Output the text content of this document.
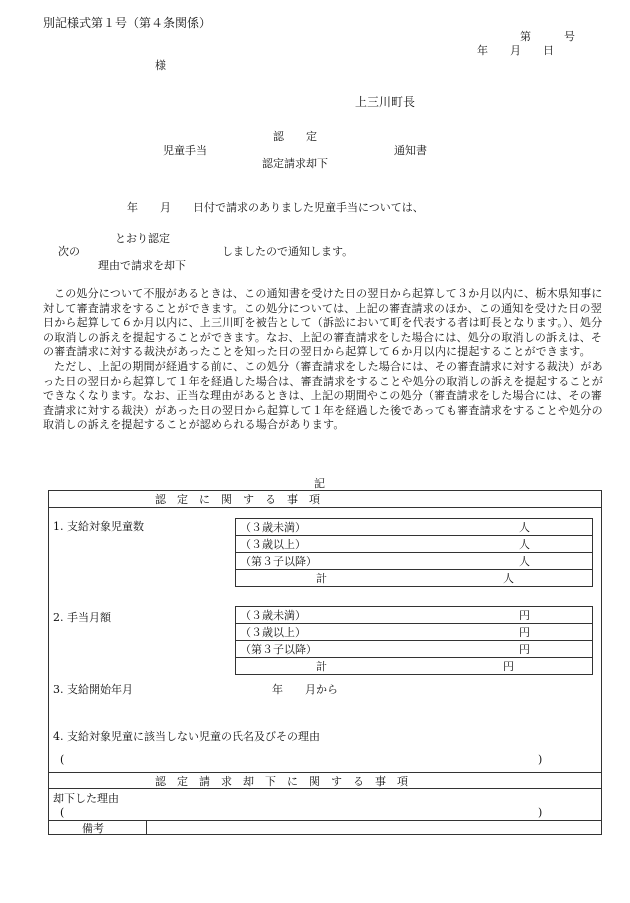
別記様式第１号（第４条関係）
第　　　号
年　　月　　日
様
上三川町長
認　　定
児童手当	通知書
認定請求却下
年　　月　　日付で請求のありました児童手当については、
とおり認定
次の	しましたので通知します。
理由で請求を却下

この処分について不服があるときは、この通知書を受けた日の翌日から起算して３か月以内に、栃木県知事に対して審査請求をすることができます。この処分については、上記の審査請求のほか、この通知を受けた日の翌日から起算して６か月以内に、上三川町を被告として（訴訟において町を代表する者は町長となります。）、処分の取消しの訴えを提起することができます。なお、上記の審査請求をした場合には、処分の取消しの訴えは、その審査請求に対する裁決があったことを知った日の翌日から起算して６か月以内に提起することができます。

ただし、上記の期間が経過する前に、この処分（審査請求をした場合には、その審査請求に対する裁決）があった日の翌日から起算して１年を経過した場合は、審査請求をすることや処分の取消しの訴えを提起することができなくなります。なお、正当な理由があるときは、上記の期間やこの処分（審査請求をした場合には、その審査請求に対する裁決）があった日の翌日から起算して１年を経過した後であっても審査請求をすることや処分の取消しの訴えを提起することが認められる場合があります。

記
認　定　に　関　す　る　事　項
1. 支給対象児童数	（３歳未満）	人

（３歳以上）	人

（第３子以降）	人

計	人
2. 手当月額	（３歳未満）	円

（３歳以上）	円

（第３子以降）	円

計	円
3. 支給開始年月	年　　月から
4. 支給対象児童に該当しない児童の氏名及びその理由
(	)
認　定　請　求　却　下　に　関　す　る　事　項
却下した理由
(	)
備考
